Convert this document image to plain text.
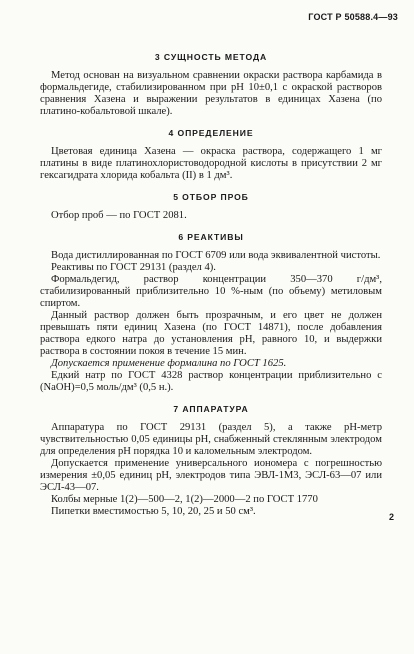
ГОСТ Р 50588.4—93
3 СУЩНОСТЬ МЕТОДА

Метод основан на визуальном сравнении окраски раствора карбамида в формальдегиде, стабилизированном при pH 10±0,1 с окраской растворов сравнения Хазена и выражении результатов в единицах Хазена (по платино-кобальтовой шкале).

4 ОПРЕДЕЛЕНИЕ

Цветовая единица Хазена — окраска раствора, содержащего 1 мг платины в виде платинохлористоводородной кислоты в присутствии 2 мг гексагидрата хлорида кобальта (II) в 1 дм³.

5 ОТБОР ПРОБ

Отбор проб — по ГОСТ 2081.

6 РЕАКТИВЫ

Вода дистиллированная по ГОСТ 6709 или вода эквивалентной чистоты.

Реактивы по ГОСТ 29131 (раздел 4).

Формальдегид, раствор концентрации 350—370 г/дм³, стабилизированный приблизительно 10 %-ным (по объему) метиловым спиртом.

Данный раствор должен быть прозрачным, и его цвет не должен превышать пяти единиц Хазена (по ГОСТ 14871), после добавления раствора едкого натра до установления pH, равного 10, и выдержки раствора в состоянии покоя в течение 15 мин.

Допускается применение формалина по ГОСТ 1625.

Едкий натр по ГОСТ 4328 раствор концентрации приблизительно c (NaOH)=0,5 моль/дм³ (0,5 н.).

7 АППАРАТУРА

Аппаратура по ГОСТ 29131 (раздел 5), а также pH-метр чувствительностью 0,05 единицы pH, снабженный стеклянным электродом для определения pH порядка 10 и каломельным электродом.

Допускается применение универсального иономера с погрешностью измерения ±0,05 единиц pH, электродов типа ЭВЛ-1М3, ЭСЛ-63—07 или ЭСЛ-43—07.

Колбы мерные 1(2)—500—2, 1(2)—2000—2 по ГОСТ 1770

Пипетки вместимостью 5, 10, 20, 25 и 50 см³.	2
